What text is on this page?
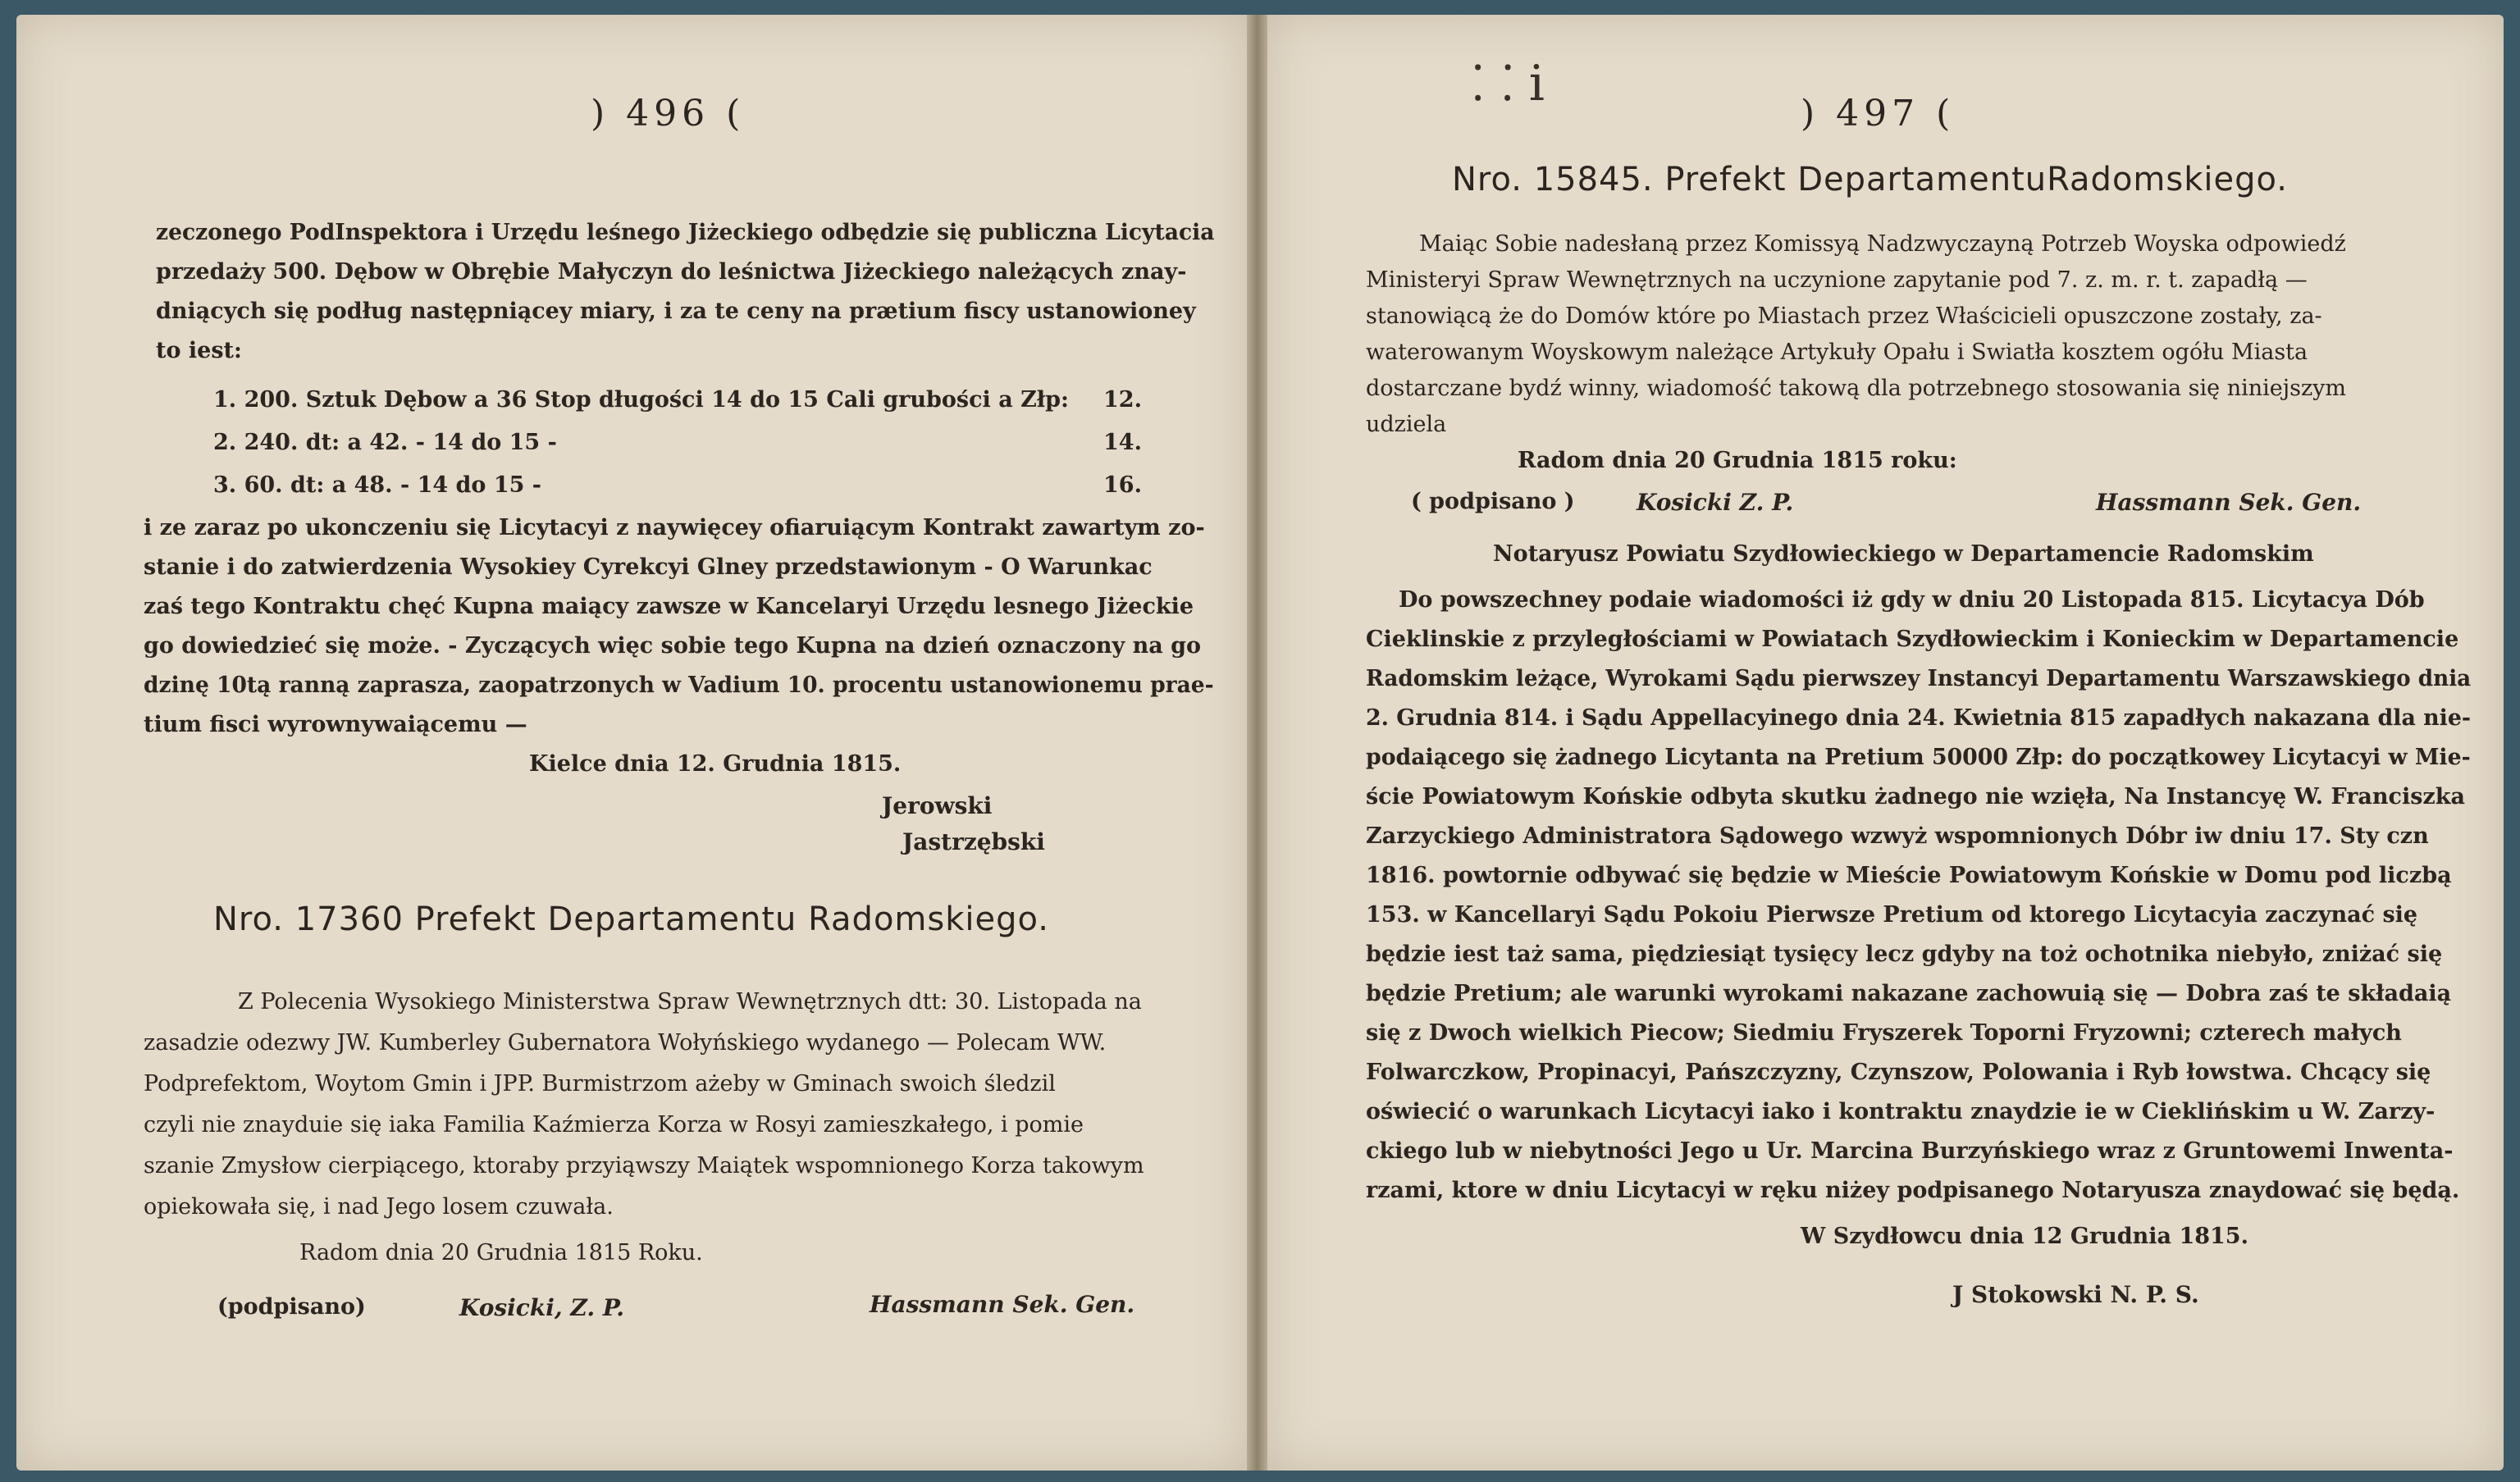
) 496 (
zeczonego PodInspektora i Urzędu leśnego Jiżeckiego odbędzie się publiczna Licytacia
przedaży 500. Dębow w Obrębie Małyczyn do leśnictwa Jiżeckiego należących znay-
dniących się podług następniącey miary, i za te ceny na prætium fiscy ustanowioney
to iest:
1. 200. Sztuk Dębow a 36 Stop długości 14 do 15 Cali grubości a Złp: 12.
2. 240. dt: a 42. - 14 do 15 -	14.
3. 60. dt: a 48. - 14 do 15 -	16.
i ze zaraz po ukonczeniu się Licytacyi z naywięcey ofiaruiącym Kontrakt zawartym zo-
stanie i do zatwierdzenia Wysokiey Cyrekcyi Glney przedstawionym - O Warunkac
zaś tego Kontraktu chęć Kupna maiący zawsze w Kancelaryi Urzędu lesnego Jiżeckie
go dowiedzieć się może. - Zyczących więc sobie tego Kupna na dzień oznaczony na go
dzinę 10tą ranną zaprasza, zaopatrzonych w Vadium 10. procentu ustanowionemu prae-
tium fisci wyrownywaiącemu —
Kielce dnia 12. Grudnia 1815.
Jerowski
Jastrzębski
Nro. 17360 Prefekt Departamentu Radomskiego.
Z Polecenia Wysokiego Ministerstwa Spraw Wewnętrznych dtt: 30. Listopada na
zasadzie odezwy JW. Kumberley Gubernatora Wołyńskiego wydanego — Polecam WW.
Podprefektom, Woytom Gmin i JPP. Burmistrzom ażeby w Gminach swoich śledzil
czyli nie znayduie się iaka Familia Kaźmierza Korza w Rosyi zamieszkałego, i pomie
szanie Zmysłow cierpiącego, ktoraby przyiąwszy Maiątek wspomnionego Korza takowym
opiekowała się, i nad Jego losem czuwała.
Radom dnia 20 Grudnia 1815 Roku.
(podpisano)	Kosicki, Z. P.	Hassmann Sek. Gen.
⸬ i
) 497 (
Nro. 15845. Prefekt DepartamentuRadomskiego.
Maiąc Sobie nadesłaną przez Komissyą Nadzwyczayną Potrzeb Woyska odpowiedź
Ministeryi Spraw Wewnętrznych na uczynione zapytanie pod 7. z. m. r. t. zapadłą —
stanowiącą że do Domów które po Miastach przez Właścicieli opuszczone zostały, za-
waterowanym Woyskowym należące Artykuły Opału i Swiatła kosztem ogółu Miasta
dostarczane bydź winny, wiadomość takową dla potrzebnego stosowania się niniejszym
udziela
Radom dnia 20 Grudnia 1815 roku:
( podpisano )	Kosicki Z. P.	Hassmann Sek. Gen.
Notaryusz Powiatu Szydłowieckiego w Departamencie Radomskim
Do powszechney podaie wiadomości iż gdy w dniu 20 Listopada 815. Licytacya Dób
Cieklinskie z przyległościami w Powiatach Szydłowieckim i Konieckim w Departamencie
Radomskim leżące, Wyrokami Sądu pierwszey Instancyi Departamentu Warszawskiego dnia
2. Grudnia 814. i Sądu Appellacyinego dnia 24. Kwietnia 815 zapadłych nakazana dla nie-
podaiącego się żadnego Licytanta na Pretium 50000 Złp: do początkowey Licytacyi w Mie-
ście Powiatowym Końskie odbyta skutku żadnego nie wzięła, Na Instancyę W. Franciszka
Zarzyckiego Administratora Sądowego wzwyż wspomnionych Dóbr iw dniu 17. Sty czn
1816. powtornie odbywać się będzie w Mieście Powiatowym Końskie w Domu pod liczbą
153. w Kancellaryi Sądu Pokoiu Pierwsze Pretium od ktorego Licytacyia zaczynać się
będzie iest taż sama, piędziesiąt tysięcy lecz gdyby na toż ochotnika niebyło, zniżać się
będzie Pretium; ale warunki wyrokami nakazane zachowuią się — Dobra zaś te składaią
się z Dwoch wielkich Piecow; Siedmiu Fryszerek Toporni Fryzowni; czterech małych
Folwarczkow, Propinacyi, Pańszczyzny, Czynszow, Polowania i Ryb łowstwa. Chcący się
oświecić o warunkach Licytacyi iako i kontraktu znaydzie ie w Cieklińskim u W. Zarzy-
ckiego lub w niebytności Jego u Ur. Marcina Burzyńskiego wraz z Gruntowemi Inwenta-
rzami, ktore w dniu Licytacyi w ręku niżey podpisanego Notaryusza znaydować się będą.
W Szydłowcu dnia 12 Grudnia 1815.
J Stokowski N. P. S.
